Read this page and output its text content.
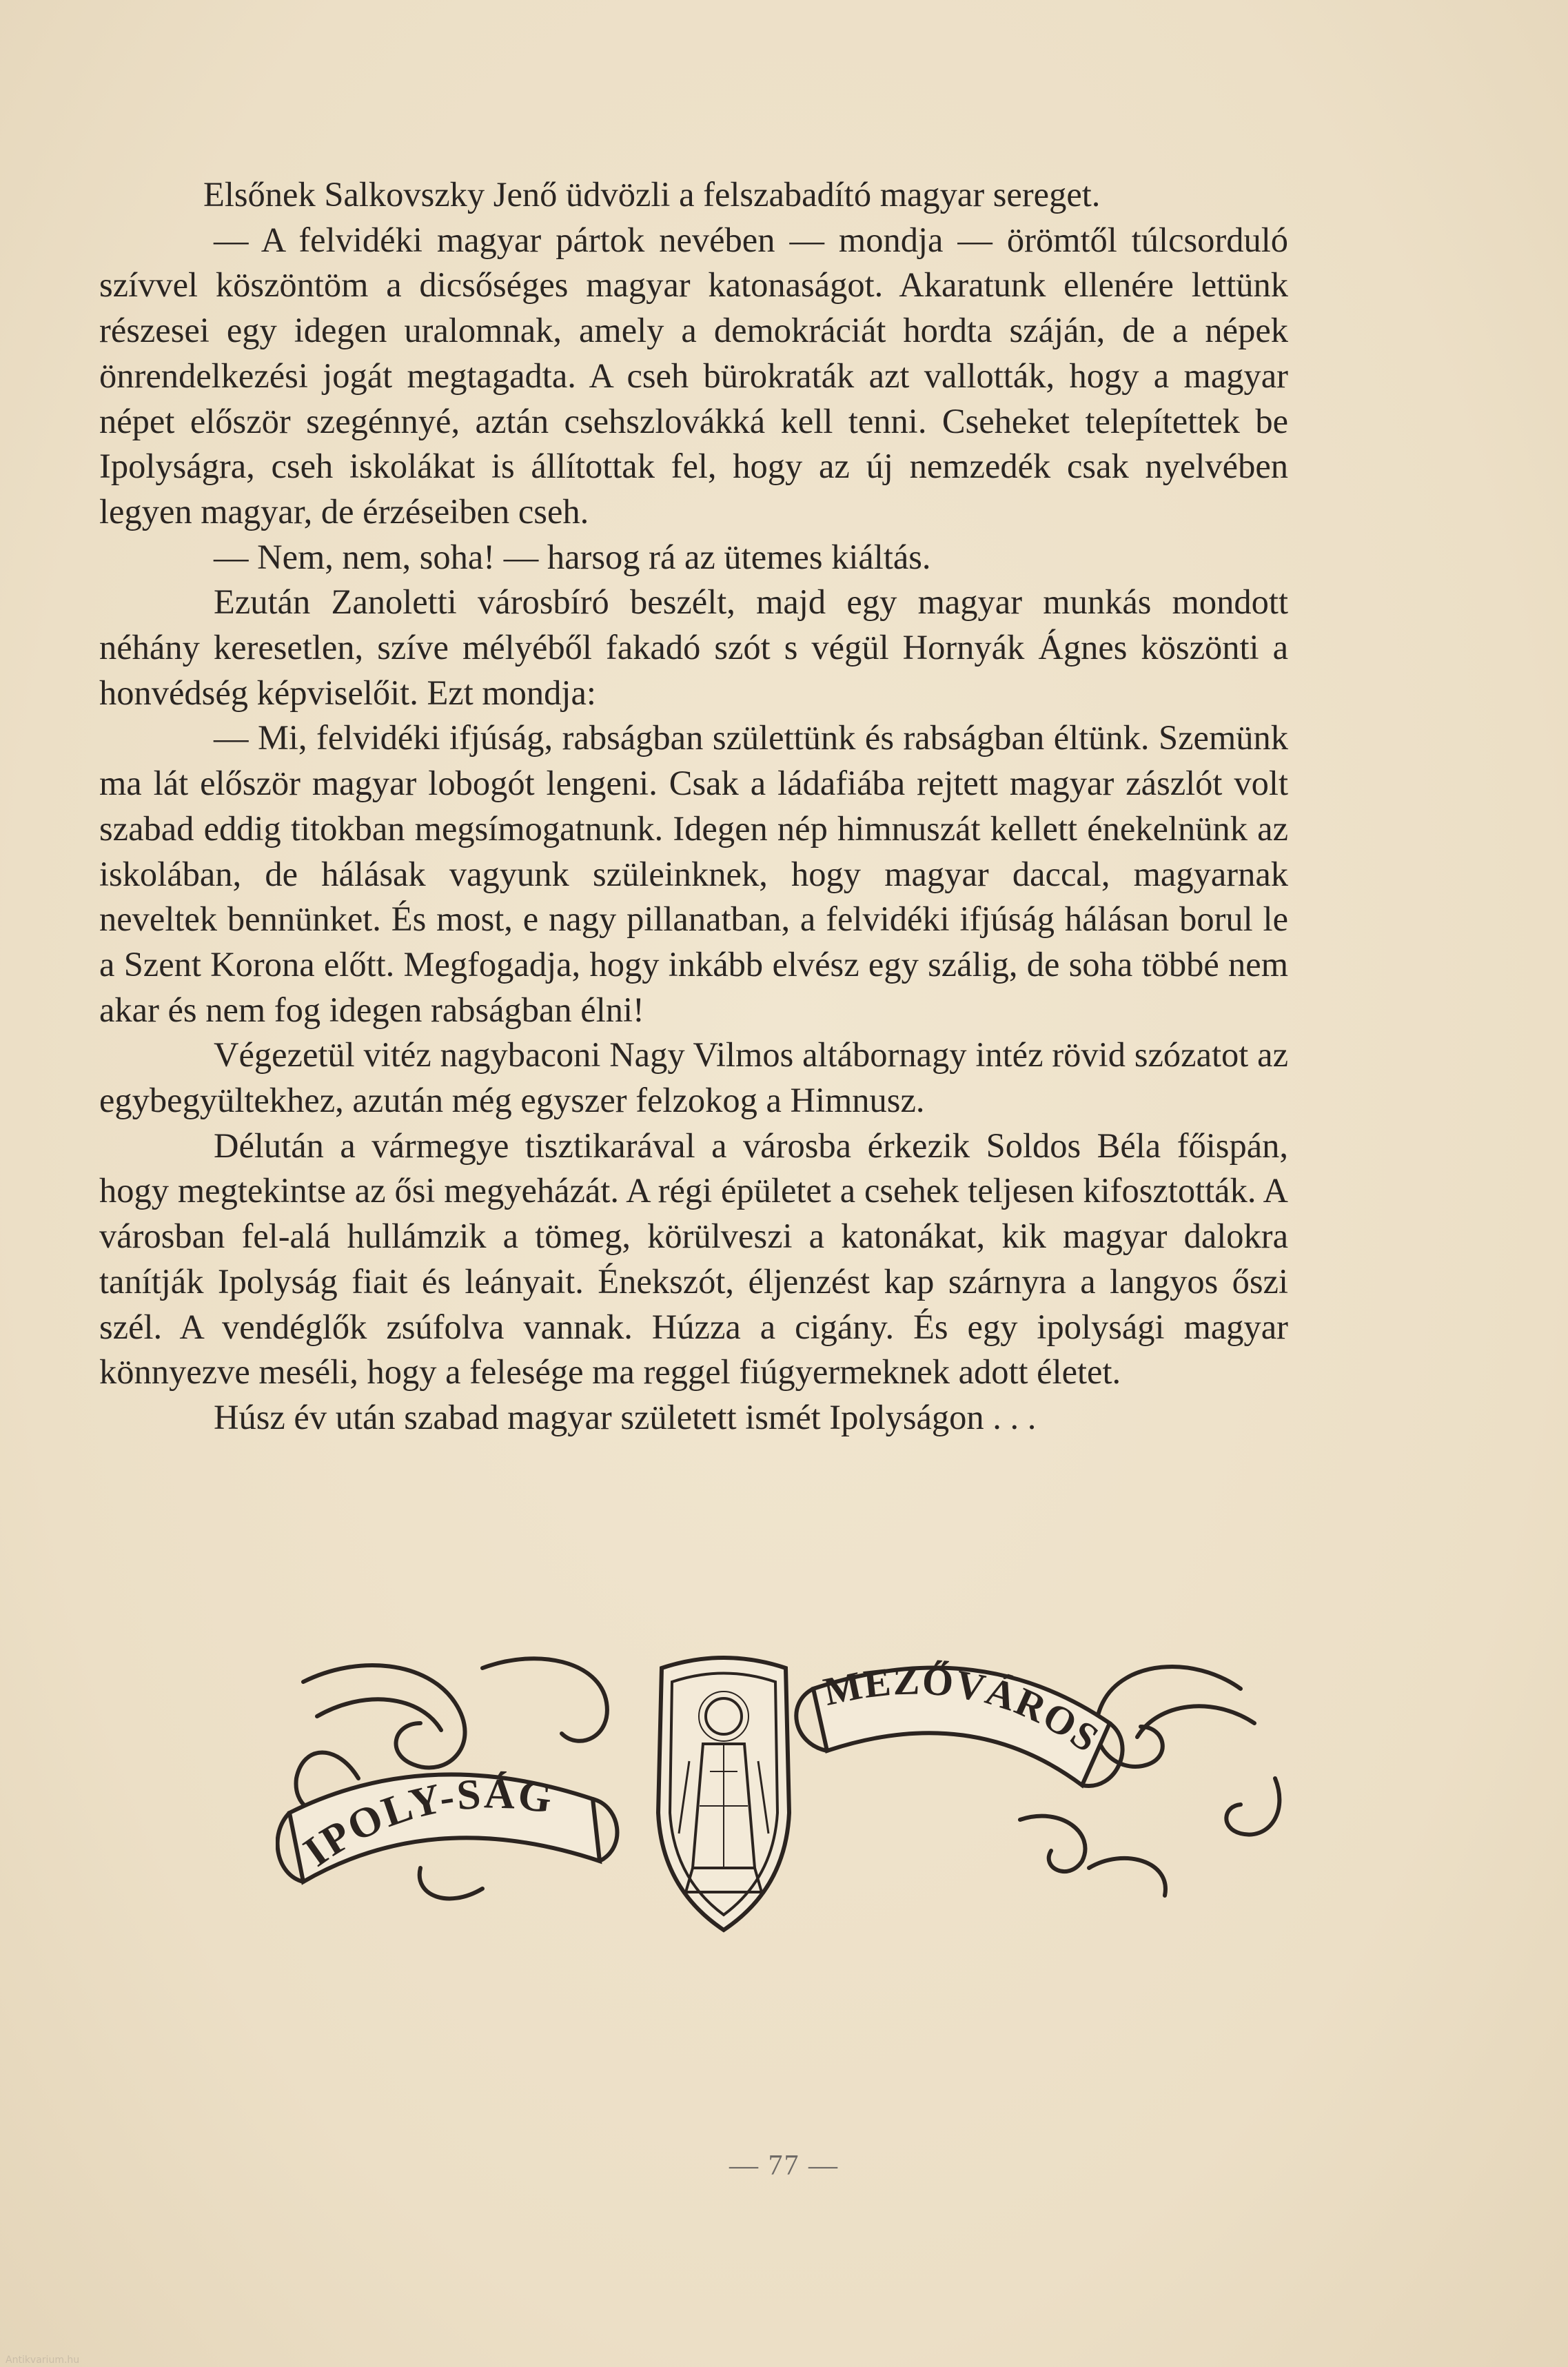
Elsőnek Salkovszky Jenő üdvözli a felszabadító magyar sereget.

— A felvidéki magyar pártok nevében — mondja — örömtől túlcsorduló szívvel köszöntöm a dicsőséges magyar katonaságot. Akaratunk ellenére lettünk részesei egy idegen uralomnak, amely a demokráciát hordta száján, de a népek önrendelkezési jogát megtagadta. A cseh bürokraták azt vallották, hogy a magyar népet először szegénnyé, aztán csehszlovákká kell tenni. Cseheket telepítettek be Ipolyságra, cseh iskolákat is állítottak fel, hogy az új nemzedék csak nyelvében legyen magyar, de érzéseiben cseh.

— Nem, nem, soha! — harsog rá az ütemes kiáltás.

Ezután Zanoletti városbíró beszélt, majd egy magyar munkás mondott néhány keresetlen, szíve mélyéből fakadó szót s végül Hornyák Ágnes köszönti a honvédség képviselőit. Ezt mondja:

— Mi, felvidéki ifjúság, rabságban születtünk és rabságban éltünk. Szemünk ma lát először magyar lobogót lengeni. Csak a ládafiába rejtett magyar zászlót volt szabad eddig titokban megsímogatnunk. Idegen nép himnuszát kellett énekelnünk az iskolában, de hálásak vagyunk szüleinknek, hogy magyar daccal, magyarnak neveltek bennünket. És most, e nagy pillanatban, a felvidéki ifjúság hálásan borul le a Szent Korona előtt. Megfogadja, hogy inkább elvész egy szálig, de soha többé nem akar és nem fog idegen rabságban élni!

Végezetül vitéz nagybaconi Nagy Vilmos altábornagy intéz rövid szózatot az egybegyültekhez, azután még egyszer felzokog a Himnusz.

Délután a vármegye tisztikarával a városba érkezik Soldos Béla főispán, hogy megtekintse az ősi megyeházát. A régi épületet a csehek teljesen kifosztották. A városban fel-alá hullámzik a tömeg, körülveszi a katonákat, kik magyar dalokra tanítják Ipolyság fiait és leányait. Énekszót, éljenzést kap szárnyra a langyos őszi szél. A vendéglők zsúfolva vannak. Húzza a cigány. És egy ipolysági magyar könnyezve meséli, hogy a felesége ma reggel fiúgyermeknek adott életet.

Húsz év után szabad magyar született ismét Ipolyságon . . .

IPOLY-SÁG
MEZŐVÁROS
— 77 —
Antikvarium.hu
